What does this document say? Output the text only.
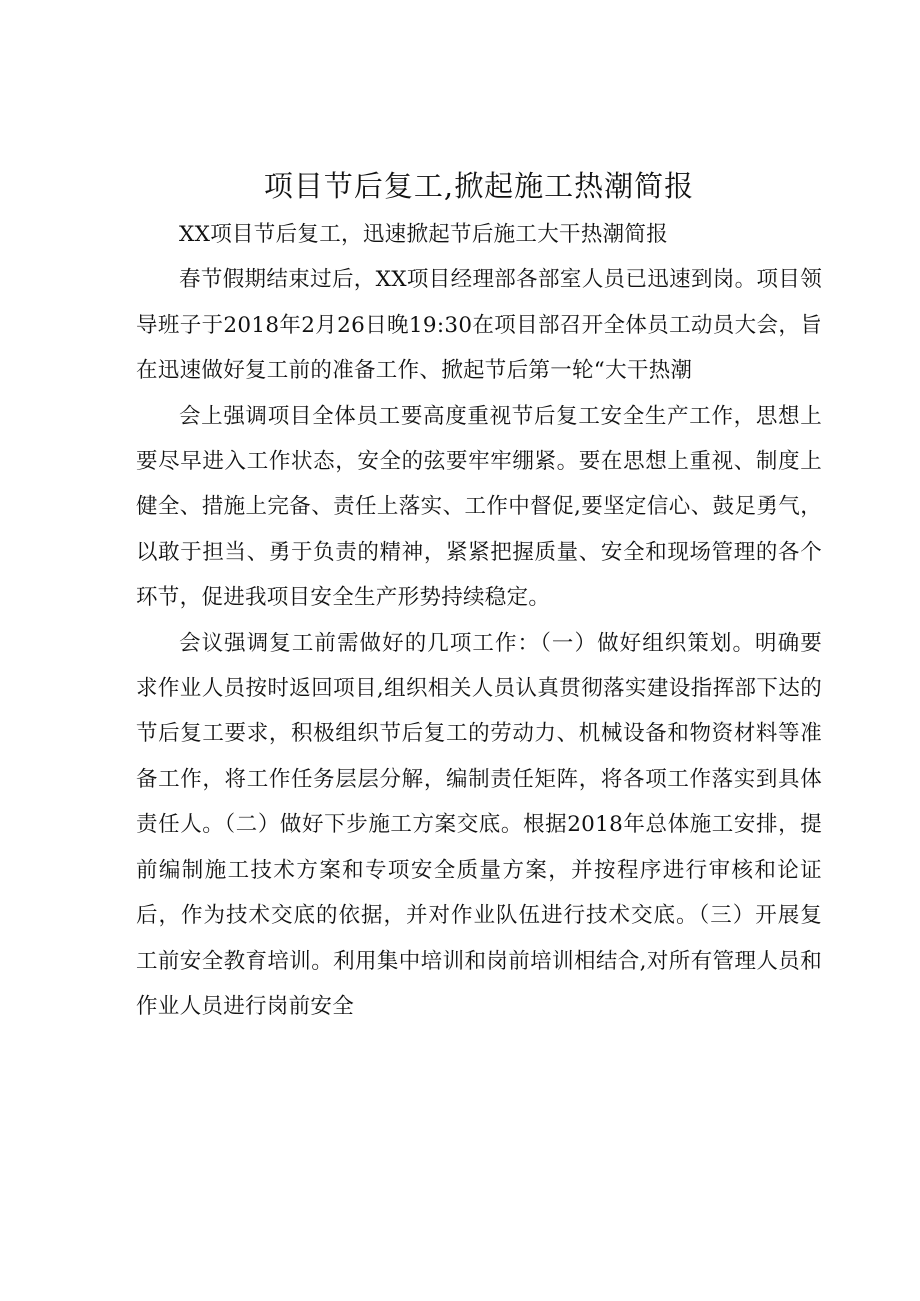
项目节后复工,掀起施工热潮简报

XX项目节后复工，迅速掀起节后施工大干热潮简报

春节假期结束过后，XX项目经理部各部室人员已迅速到岗。项目领导班子于2018年2月26日晚19:30在项目部召开全体员工动员大会，旨在迅速做好复工前的准备工作、掀起节后第一轮“大干热潮

会上强调项目全体员工要高度重视节后复工安全生产工作，思想上要尽早进入工作状态，安全的弦要牢牢绷紧。要在思想上重视、制度上健全、措施上完备、责任上落实、工作中督促,要坚定信心、鼓足勇气，以敢于担当、勇于负责的精神，紧紧把握质量、安全和现场管理的各个环节，促进我项目安全生产形势持续稳定。

会议强调复工前需做好的几项工作：（一）做好组织策划。明确要求作业人员按时返回项目,组织相关人员认真贯彻落实建设指挥部下达的节后复工要求，积极组织节后复工的劳动力、机械设备和物资材料等准备工作，将工作任务层层分解，编制责任矩阵，将各项工作落实到具体责任人。（二）做好下步施工方案交底。根据2018年总体施工安排，提前编制施工技术方案和专项安全质量方案，并按程序进行审核和论证后，作为技术交底的依据，并对作业队伍进行技术交底。（三）开展复工前安全教育培训。利用集中培训和岗前培训相结合,对所有管理人员和作业人员进行岗前安全
